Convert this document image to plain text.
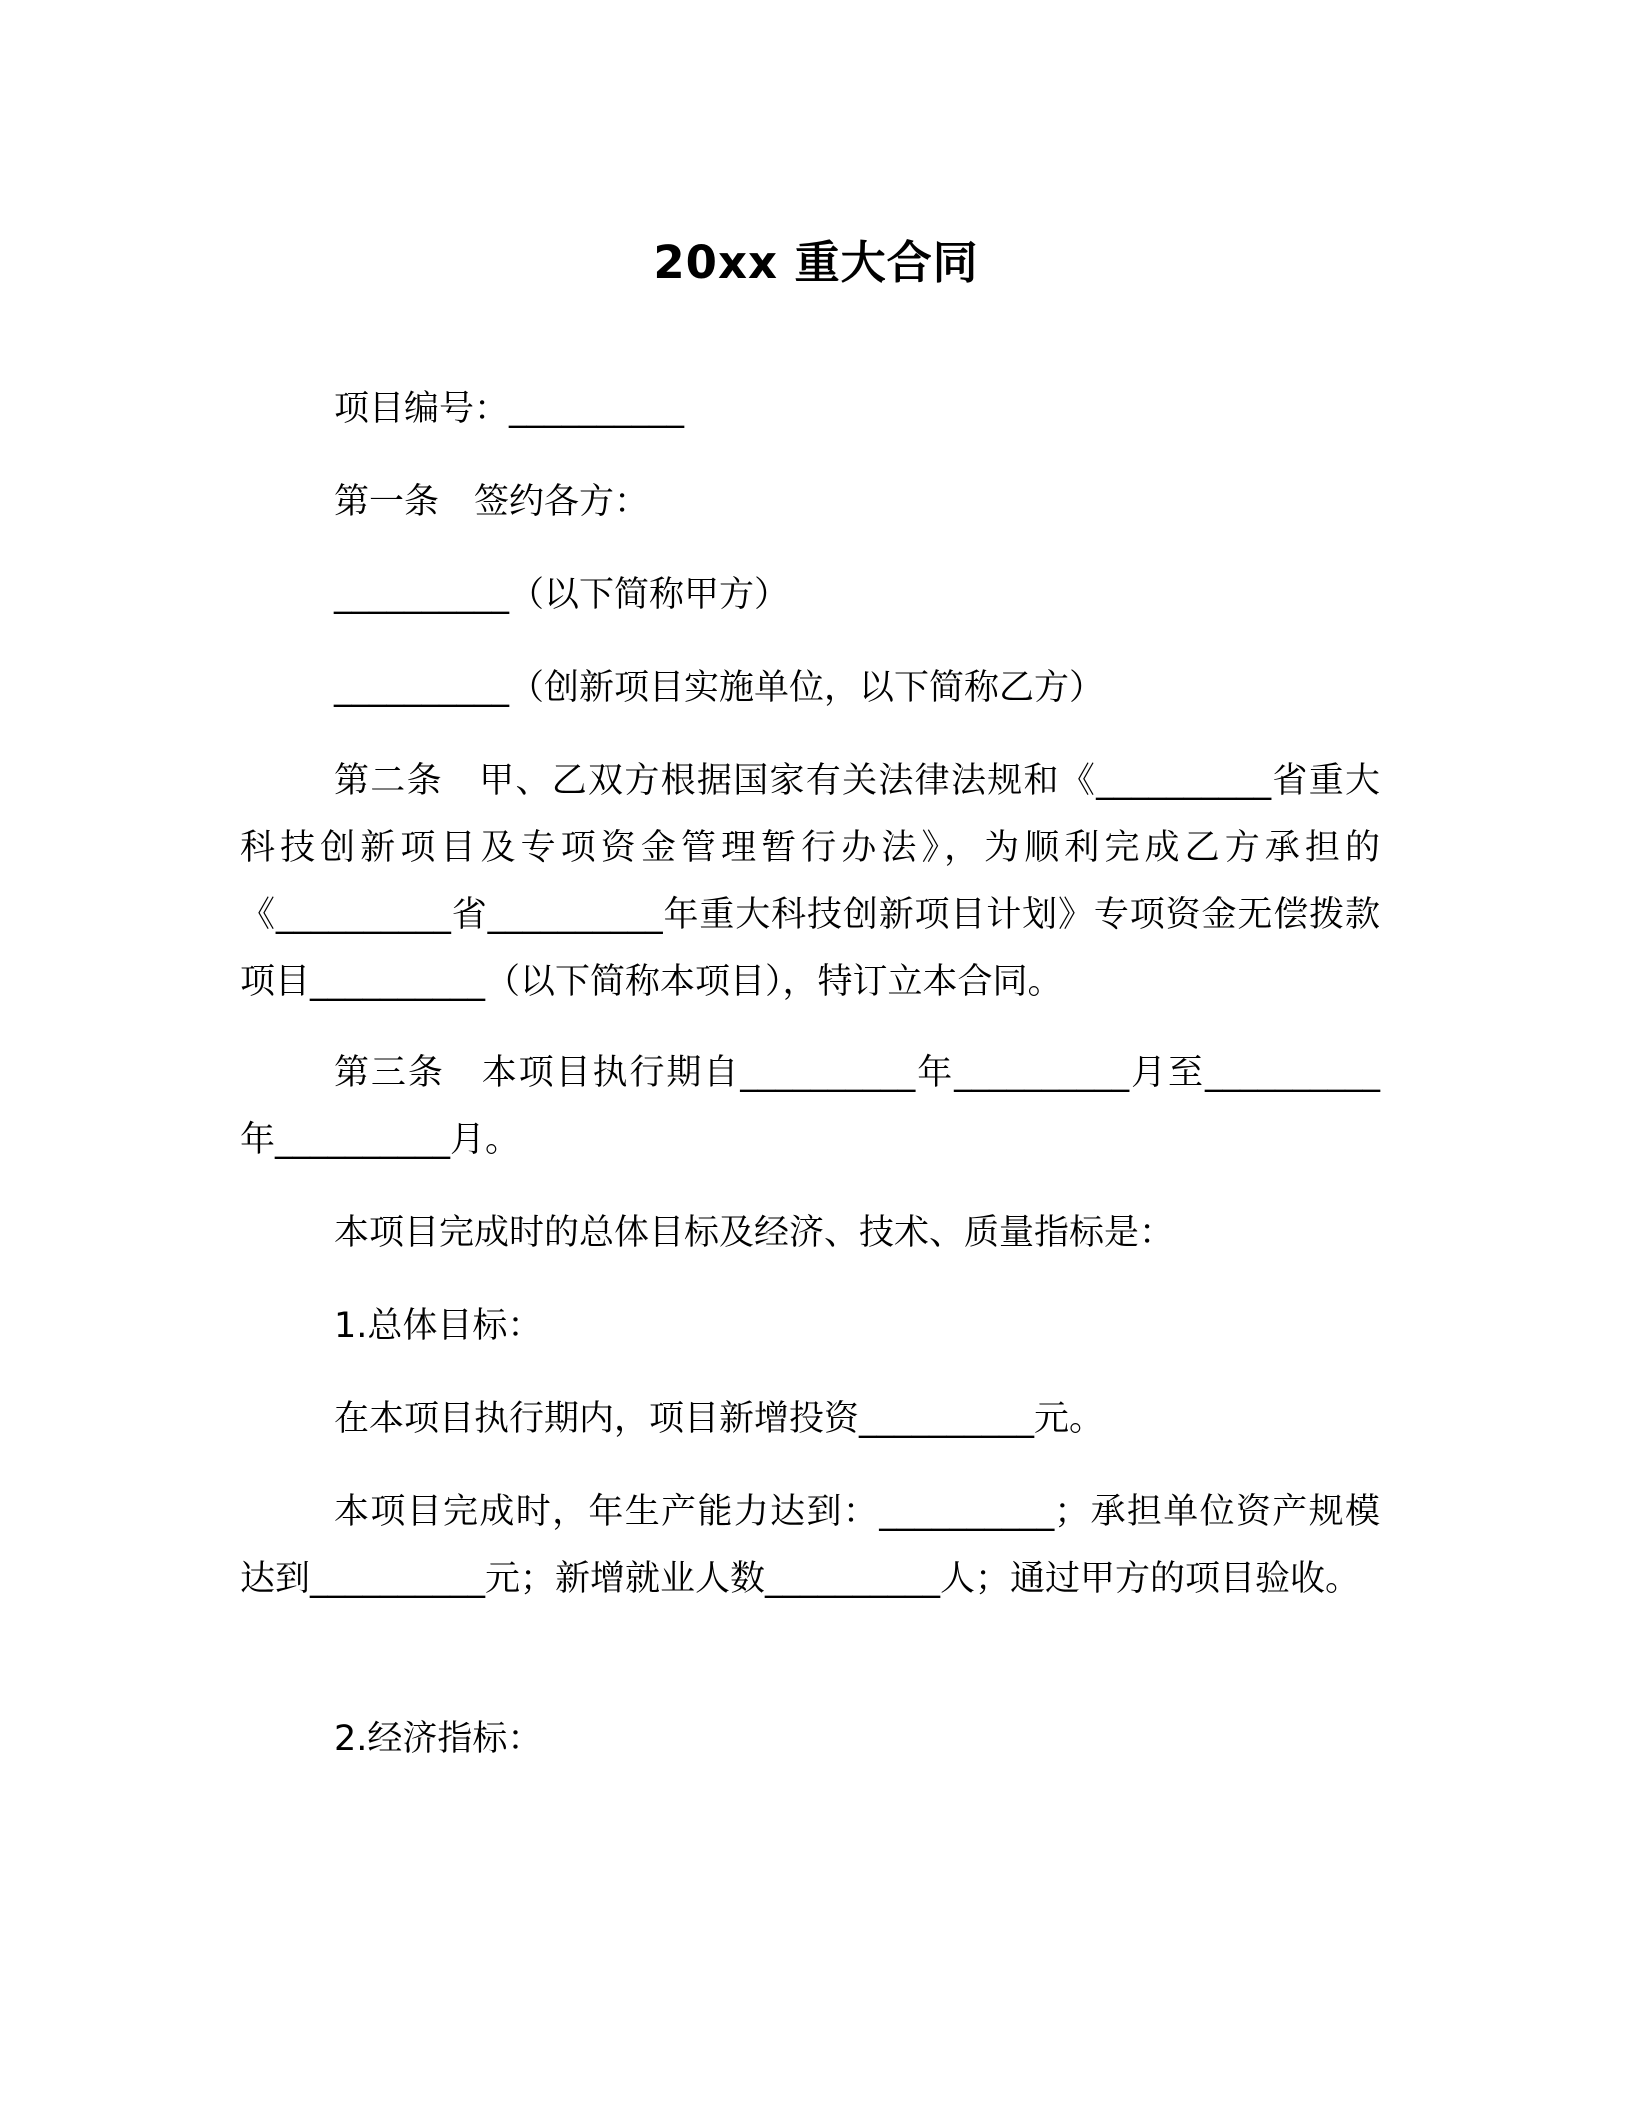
20xx 重大合同
项目编号：__________
第一条　签约各方：
__________（以下简称甲方）
__________（创新项目实施单位，以下简称乙方）
第二条　甲、乙双方根据国家有关法律法规和《__________省重大科技创新项目及专项资金管理暂行办法》，为顺利完成乙方承担的《__________省__________年重大科技创新项目计划》专项资金无偿拨款项目__________（以下简称本项目），特订立本合同。
第三条　本项目执行期自__________年__________月至__________年__________月。
本项目完成时的总体目标及经济、技术、质量指标是：
1.总体目标：
在本项目执行期内，项目新增投资__________元。
本项目完成时，年生产能力达到：__________；承担单位资产规模达到__________元；新增就业人数__________人；通过甲方的项目验收。
2.经济指标：
